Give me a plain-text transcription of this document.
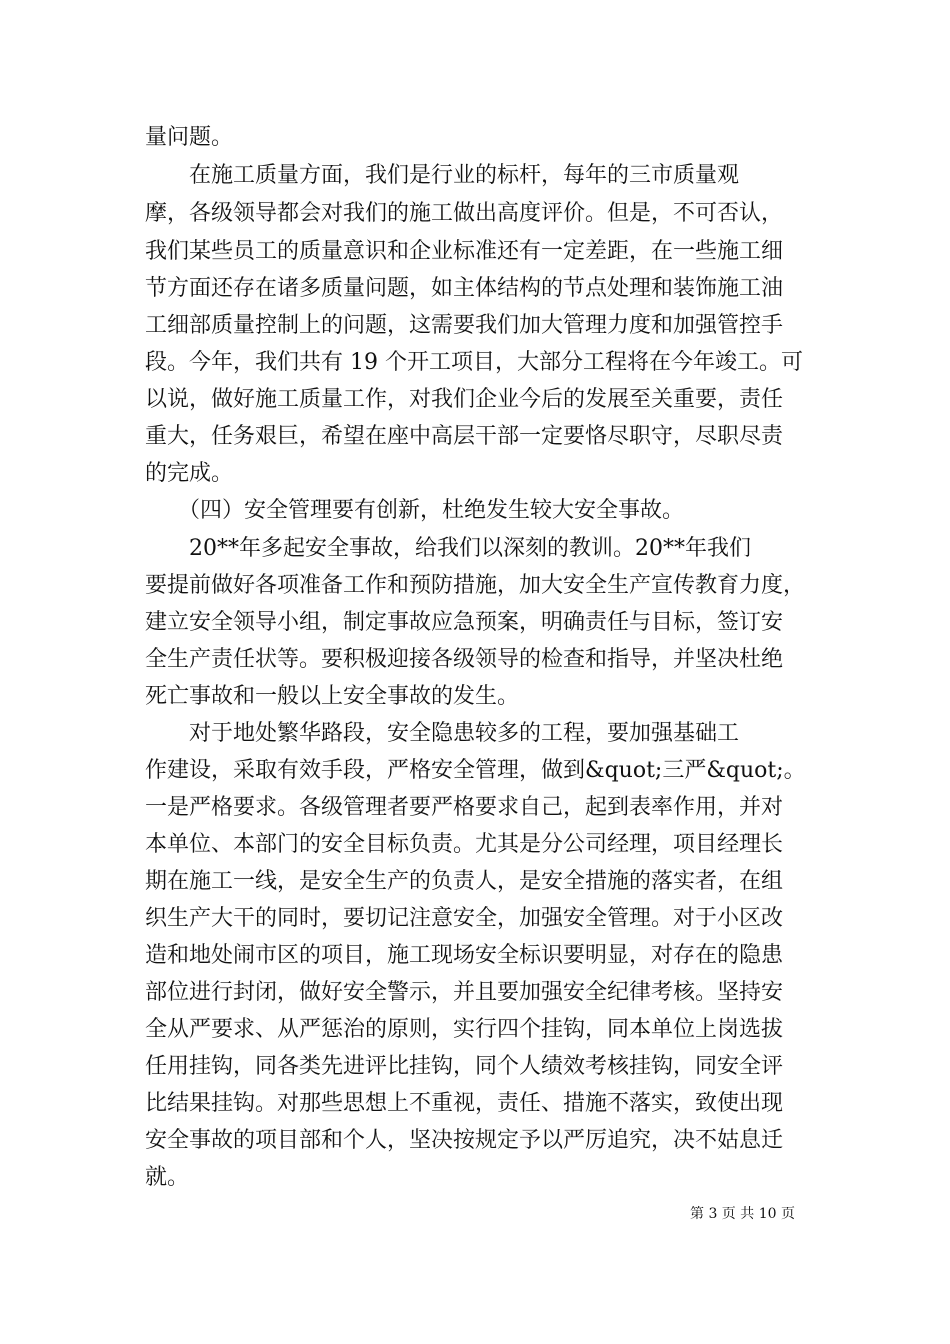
量问题。
　　在施工质量方面，我们是行业的标杆，每年的三市质量观
摩，各级领导都会对我们的施工做出高度评价。但是，不可否认，
我们某些员工的质量意识和企业标准还有一定差距，在一些施工细
节方面还存在诸多质量问题，如主体结构的节点处理和装饰施工油
工细部质量控制上的问题，这需要我们加大管理力度和加强管控手
段。今年，我们共有 19 个开工项目，大部分工程将在今年竣工。可
以说，做好施工质量工作，对我们企业今后的发展至关重要，责任
重大，任务艰巨，希望在座中高层干部一定要恪尽职守，尽职尽责
的完成。
　　（四）安全管理要有创新，杜绝发生较大安全事故。
　　20**年多起安全事故，给我们以深刻的教训。20**年我们
要提前做好各项准备工作和预防措施，加大安全生产宣传教育力度，
建立安全领导小组，制定事故应急预案，明确责任与目标，签订安
全生产责任状等。要积极迎接各级领导的检查和指导，并坚决杜绝
死亡事故和一般以上安全事故的发生。
　　对于地处繁华路段，安全隐患较多的工程，要加强基础工
作建设，采取有效手段，严格安全管理，做到&quot;三严&quot;。
一是严格要求。各级管理者要严格要求自己，起到表率作用，并对
本单位、本部门的安全目标负责。尤其是分公司经理，项目经理长
期在施工一线，是安全生产的负责人，是安全措施的落实者，在组
织生产大干的同时，要切记注意安全，加强安全管理。对于小区改
造和地处闹市区的项目，施工现场安全标识要明显，对存在的隐患
部位进行封闭，做好安全警示，并且要加强安全纪律考核。坚持安
全从严要求、从严惩治的原则，实行四个挂钩，同本单位上岗选拔
任用挂钩，同各类先进评比挂钩，同个人绩效考核挂钩，同安全评
比结果挂钩。对那些思想上不重视，责任、措施不落实，致使出现
安全事故的项目部和个人，坚决按规定予以严厉追究，决不姑息迁
就。
第 3 页 共 10 页
